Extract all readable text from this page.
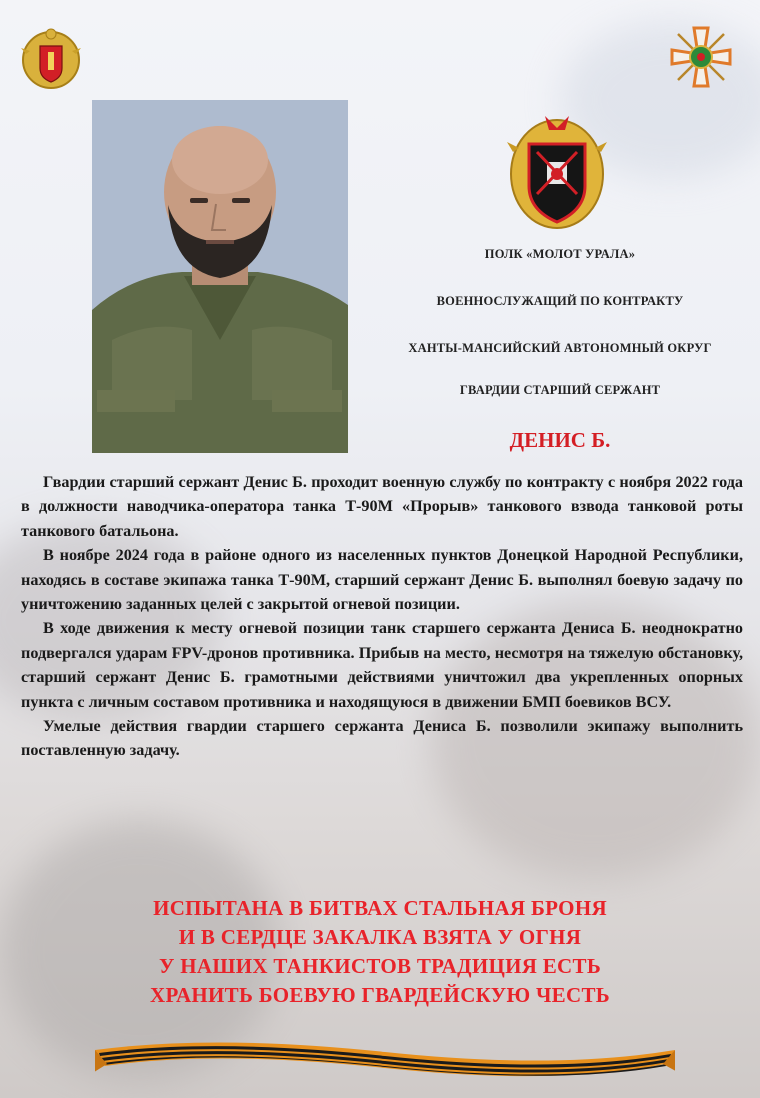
ПОЛК «МОЛОТ УРАЛА»
ВОЕННОСЛУЖАЩИЙ ПО КОНТРАКТУ
ХАНТЫ-МАНСИЙСКИЙ АВТОНОМНЫЙ ОКРУГ
ГВАРДИИ СТАРШИЙ СЕРЖАНТ
ДЕНИС Б.

Гвардии старший сержант Денис Б. проходит военную службу по контракту с ноября 2022 года в должности наводчика-оператора танка Т-90М «Прорыв» танкового взвода танковой роты танкового батальона.

В ноябре 2024 года в районе одного из населенных пунктов Донецкой Народной Республики, находясь в составе экипажа танка Т-90М, старший сержант Денис Б. выполнял боевую задачу по уничтожению заданных целей с закрытой огневой позиции.

В ходе движения к месту огневой позиции танк старшего сержанта Дениса Б. неоднократно подвергался ударам FPV-дронов противника. Прибыв на место, несмотря на тяжелую обстановку, старший сержант Денис Б. грамотными действиями уничтожил два укрепленных опорных пункта с личным составом противника и находящуюся в движении БМП боевиков ВСУ.

Умелые действия гвардии старшего сержанта Дениса Б. позволили экипажу выполнить поставленную задачу.

ИСПЫТАНА В БИТВАХ СТАЛЬНАЯ БРОНЯ
И В СЕРДЦЕ ЗАКАЛКА ВЗЯТА У ОГНЯ
У НАШИХ ТАНКИСТОВ ТРАДИЦИЯ ЕСТЬ
ХРАНИТЬ БОЕВУЮ ГВАРДЕЙСКУЮ ЧЕСТЬ
